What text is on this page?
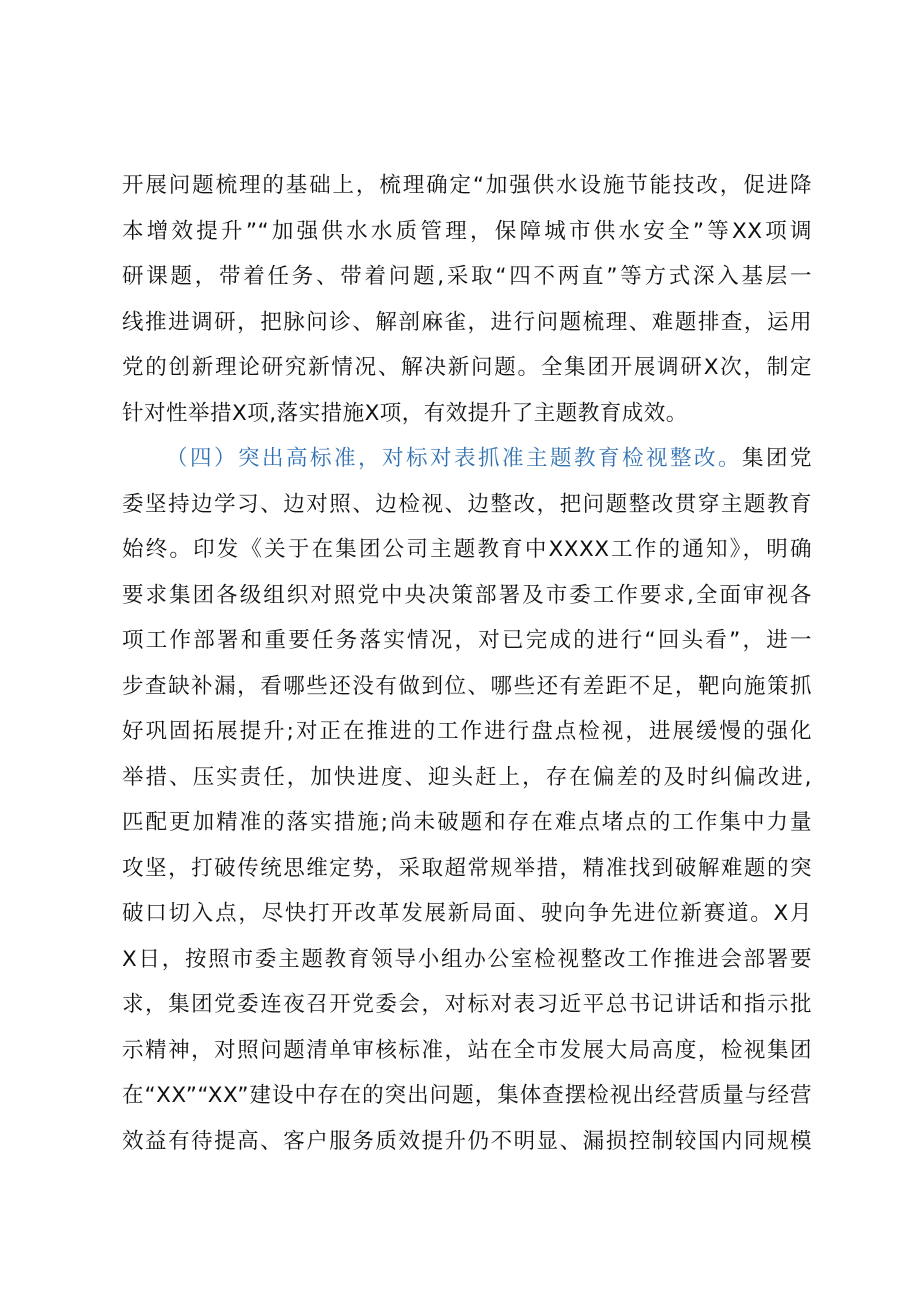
开展问题梳理的基础上，梳理确定“加强供水设施节能技改，促进降
本增效提升”“加强供水水质管理，保障城市供水安全”等XX项调
研课题，带着任务、带着问题,采取“四不两直”等方式深入基层一
线推进调研，把脉问诊、解剖麻雀，进行问题梳理、难题排查，运用
党的创新理论研究新情况、解决新问题。全集团开展调研X次，制定
针对性举措X项,落实措施X项，有效提升了主题教育成效。
（四）突出高标准，对标对表抓准主题教育检视整改。集团党
委坚持边学习、边对照、边检视、边整改，把问题整改贯穿主题教育
始终。印发《关于在集团公司主题教育中XXXX工作的通知》，明确
要求集团各级组织对照党中央决策部署及市委工作要求,全面审视各
项工作部署和重要任务落实情况，对已完成的进行“回头看”，进一
步查缺补漏，看哪些还没有做到位、哪些还有差距不足，靶向施策抓
好巩固拓展提升;对正在推进的工作进行盘点检视，进展缓慢的强化
举措、压实责任，加快进度、迎头赶上，存在偏差的及时纠偏改进,
匹配更加精准的落实措施;尚未破题和存在难点堵点的工作集中力量
攻坚，打破传统思维定势，采取超常规举措，精准找到破解难题的突
破口切入点，尽快打开改革发展新局面、驶向争先进位新赛道。X月
X日，按照市委主题教育领导小组办公室检视整改工作推进会部署要
求，集团党委连夜召开党委会，对标对表习近平总书记讲话和指示批
示精神，对照问题清单审核标准，站在全市发展大局高度，检视集团
在“XX”“XX”建设中存在的突出问题，集体查摆检视出经营质量与经营
效益有待提高、客户服务质效提升仍不明显、漏损控制较国内同规模
